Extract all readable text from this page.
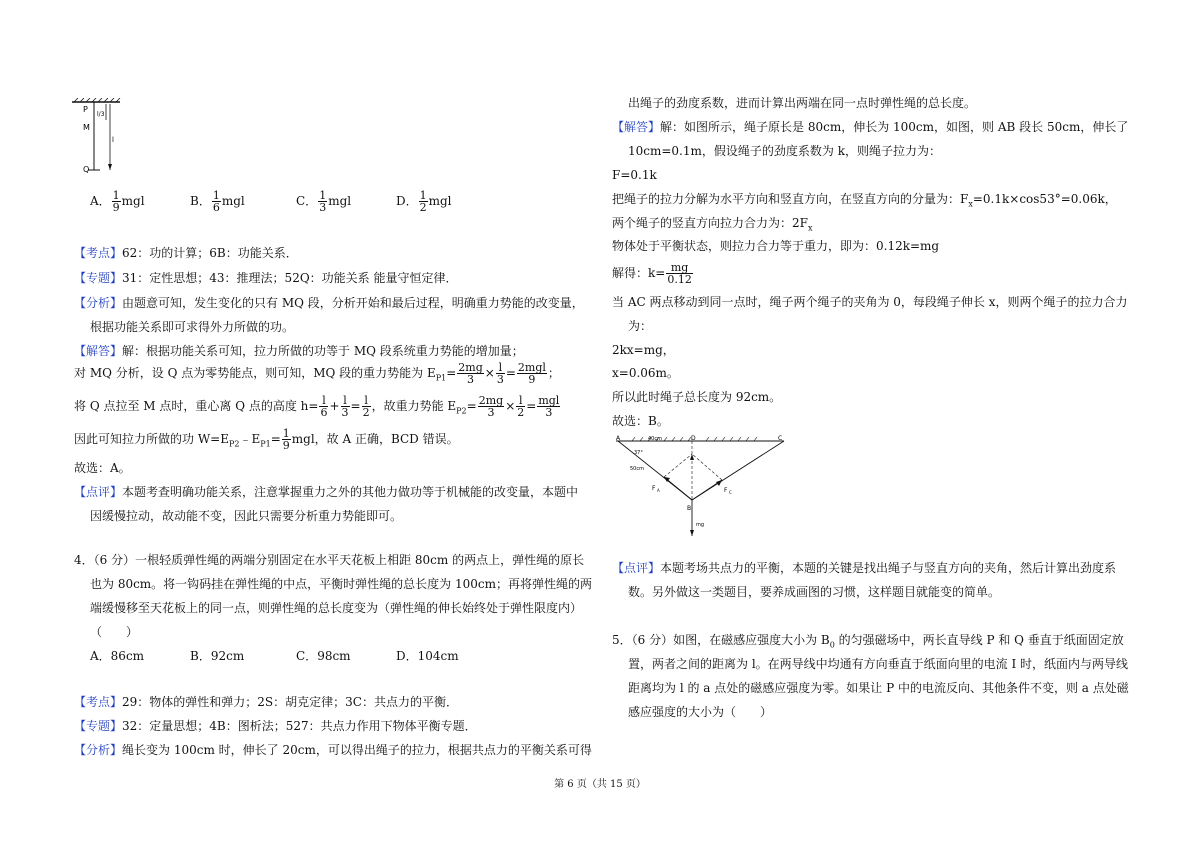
P
M
Q
l/3
l
A． $\frac{1}{9}$ mgl	B． $\frac{1}{6}$ mgl	C． $\frac{1}{3}$ mgl	D． $\frac{1}{2}$ mgl
【考点】62：功的计算；6B：功能关系．
【专题】31：定性思想；43：推理法；52Q：功能关系 能量守恒定律．
【分析】由题意可知，发生变化的只有 MQ 段，分析开始和最后过程，明确重力势能的改变量，
根据功能关系即可求得外力所做的功。
【解答】解：根据功能关系可知，拉力所做的功等于 MQ 段系统重力势能的增加量；
对 MQ 分析，设 Q 点为零势能点，则可知，MQ 段的重力势能为 $E_{P1}= \frac{2mg}{3} \times \frac{l}{3} = \frac{\text{2mgl}}{9}$ ；
将 Q 点拉至 M 点时，重心离 Q 点的高度 $h= \frac{l}{6} + \frac{l}{3} = \frac{l}{2}$ ，故重力势能 $E_{P2}= \frac{2mg}{3} \times \frac{l}{2} = \frac{\text{mgl}}{3}$
因此可知拉力所做的功 $W=E_{P2}﹣E_{P1}= \frac{1}{9}$ mgl，故 A 正确，BCD 错误。
故选：A。
【点评】本题考查明确功能关系，注意掌握重力之外的其他力做功等于机械能的改变量，本题中
因缓慢拉动，故动能不变，因此只需要分析重力势能即可。
4．（6 分）一根轻质弹性绳的两端分别固定在水平天花板上相距 80cm 的两点上，弹性绳的原长
也为 80cm。将一钩码挂在弹性绳的中点，平衡时弹性绳的总长度为 100cm；再将弹性绳的两
端缓慢移至天花板上的同一点，则弹性绳的总长度变为（弹性绳的伸长始终处于弹性限度内）
（　　）
A．86cm	B．92cm	C．98cm	D．104cm
【考点】29：物体的弹性和弹力；2S：胡克定律；3C：共点力的平衡．
【专题】32：定量思想；4B：图析法；527：共点力作用下物体平衡专题．
【分析】绳长变为 100cm 时，伸长了 20cm，可以得出绳子的拉力，根据共点力的平衡关系可得
出绳子的劲度系数，进而计算出两端在同一点时弹性绳的总长度。
【解答】解：如图所示，绳子原长是 80cm，伸长为 100cm，如图，则 AB 段长 50cm，伸长了
10cm=0.1m，假设绳子的劲度系数为 k，则绳子拉力为：
F=0.1k
把绳子的拉力分解为水平方向和竖直方向，在竖直方向的分量为：$F_x=0.1k\times\cos 53^\circ=0.06k$，
两个绳子的竖直方向拉力合力为：$2F_x$
物体处于平衡状态，则拉力合力等于重力，即为：0.12k=mg
解得：$k= \frac{mg}{0.12}$
当 AC 两点移动到同一点时，绳子两个绳子的夹角为 0，每段绳子伸长 x，则两个绳子的拉力合力
为：
2kx=mg，
x=0.06m。
所以此时绳子总长度为 92cm。
故选：B。
A	D	C
B
40cm
37°
50cm
F A	F C
mg
【点评】本题考场共点力的平衡，本题的关键是找出绳子与竖直方向的夹角，然后计算出劲度系
数。另外做这一类题目，要养成画图的习惯，这样题目就能变的简单。
5．（6 分）如图，在磁感应强度大小为 $B_0$ 的匀强磁场中，两长直导线 P 和 Q 垂直于纸面固定放
置，两者之间的距离为 l。在两导线中均通有方向垂直于纸面向里的电流 I 时，纸面内与两导线
距离均为 l 的 a 点处的磁感应强度为零。如果让 P 中的电流反向、其他条件不变，则 a 点处磁
感应强度的大小为（　　）
第 6 页（共 15 页）
